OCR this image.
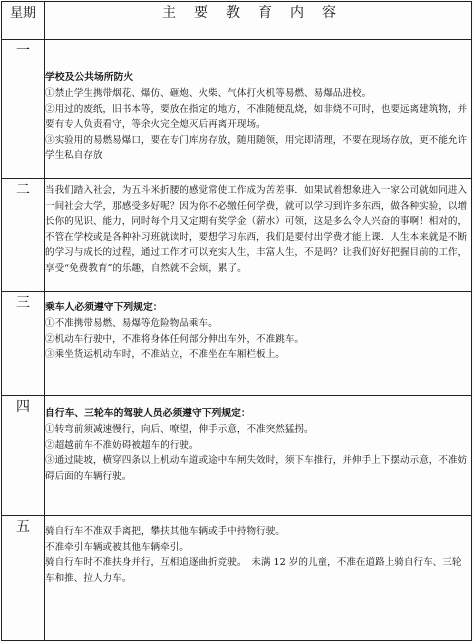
星期	主要教育内容
一	学校及公共场所防火
①禁止学生携带烟花、爆仿、砸炮、火柴、气体打火机等易燃、易爆品进校。
②用过的废纸，旧书本等，要放在指定的地方，不准随便乱烧，如非烧不可时，也要远离建筑物，并要有专人负责看守，等余火完全熄灭后再离开现场。
③实验用的易燃易爆口，要在专门库房存放，随用随领，用完即清理，不要在现场存放，更不能允许学生私自存放

二	当我们踏入社会，为五斗米折腰的感觉常使工作成为苦差事．如果试着想象进入一家公司就如同进入一间社会大学，那感受多好呢？因为你不必缴任何学费，就可以学习到许多东西，做各种实验，以增长你的见识、能力，同时每个月又定期有奖学金（薪水）可领，这是多么令人兴奋的事啊！相对的，不管在学校或是各种补习班就读时，要想学习东西，我们是要付出学费才能上课．人生本来就是不断的学习与成长的过程，通过工作才可以充实人生，丰富人生，不是吗？让我们好好把握目前的工作，享受“免费教育”的乐趣，自然就不会烦，累了。

三	乘车人必须遵守下列规定：
①不准携带易燃、易爆等危险物品乘车。
②机动车行驶中，不准将身体任何部分伸出车外，不准跳车。
③乘坐货运机动车时，不准站立，不准坐在车厢栏板上。

四	自行车、三轮车的驾驶人员必须遵守下列规定：
①转弯前须减速慢行，向后、嘹望，伸手示意，不准突然猛拐。
②超越前车不准妨碍被超车的行驶。
③通过陡坡，横穿四条以上机动车道或途中车闸失效时，须下车推行，并伸手上下摆动示意，不准妨碍后面的车辆行驶。

五	骑自行车不准双手离把，攀扶其他车辆或手中持物行驶。
不准牵引车辆或被其他车辆牵引。
骑自行车时不准扶身并行，互相追逐曲折竞驶。　未满 12 岁的儿童，不准在道路上骑自行车、三轮车和推、拉人力车。
